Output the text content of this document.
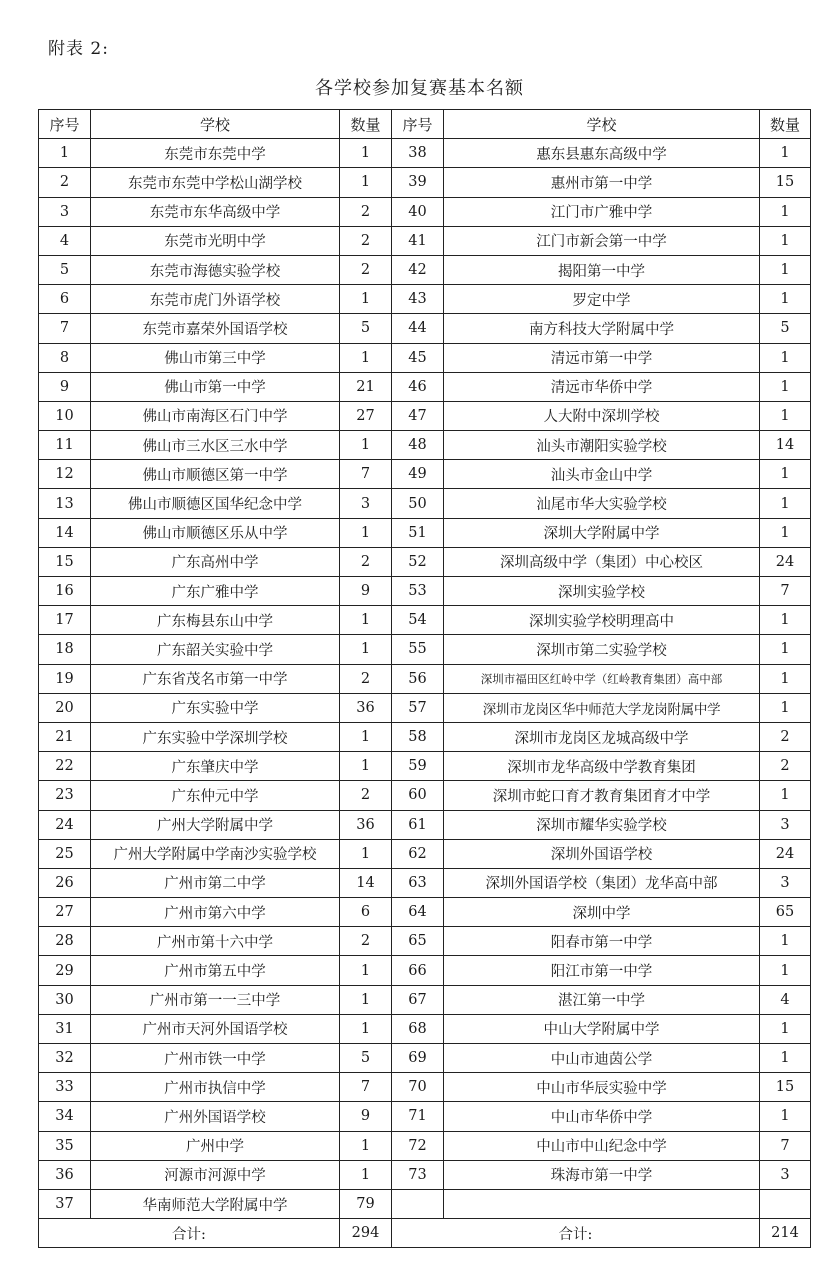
附表 2:
各学校参加复赛基本名额
序号	学校	数量	序号	学校	数量
1	东莞市东莞中学	1	38	惠东县惠东高级中学	1
2	东莞市东莞中学松山湖学校	1	39	惠州市第一中学	15
3	东莞市东华高级中学	2	40	江门市广雅中学	1
4	东莞市光明中学	2	41	江门市新会第一中学	1
5	东莞市海德实验学校	2	42	揭阳第一中学	1
6	东莞市虎门外语学校	1	43	罗定中学	1
7	东莞市嘉荣外国语学校	5	44	南方科技大学附属中学	5
8	佛山市第三中学	1	45	清远市第一中学	1
9	佛山市第一中学	21	46	清远市华侨中学	1
10	佛山市南海区石门中学	27	47	人大附中深圳学校	1
11	佛山市三水区三水中学	1	48	汕头市潮阳实验学校	14
12	佛山市顺德区第一中学	7	49	汕头市金山中学	1
13	佛山市顺德区国华纪念中学	3	50	汕尾市华大实验学校	1
14	佛山市顺德区乐从中学	1	51	深圳大学附属中学	1
15	广东高州中学	2	52	深圳高级中学（集团）中心校区	24
16	广东广雅中学	9	53	深圳实验学校	7
17	广东梅县东山中学	1	54	深圳实验学校明理高中	1
18	广东韶关实验中学	1	55	深圳市第二实验学校	1
19	广东省茂名市第一中学	2	56	深圳市福田区红岭中学（红岭教育集团）高中部	1
20	广东实验中学	36	57	深圳市龙岗区华中师范大学龙岗附属中学	1
21	广东实验中学深圳学校	1	58	深圳市龙岗区龙城高级中学	2
22	广东肇庆中学	1	59	深圳市龙华高级中学教育集团	2
23	广东仲元中学	2	60	深圳市蛇口育才教育集团育才中学	1
24	广州大学附属中学	36	61	深圳市耀华实验学校	3
25	广州大学附属中学南沙实验学校	1	62	深圳外国语学校	24
26	广州市第二中学	14	63	深圳外国语学校（集团）龙华高中部	3
27	广州市第六中学	6	64	深圳中学	65
28	广州市第十六中学	2	65	阳春市第一中学	1
29	广州市第五中学	1	66	阳江市第一中学	1
30	广州市第一一三中学	1	67	湛江第一中学	4
31	广州市天河外国语学校	1	68	中山大学附属中学	1
32	广州市铁一中学	5	69	中山市迪茵公学	1
33	广州市执信中学	7	70	中山市华辰实验中学	15
34	广州外国语学校	9	71	中山市华侨中学	1
35	广州中学	1	72	中山市中山纪念中学	7
36	河源市河源中学	1	73	珠海市第一中学	3
37	华南师范大学附属中学	79			
合计:		294	合计:		214
